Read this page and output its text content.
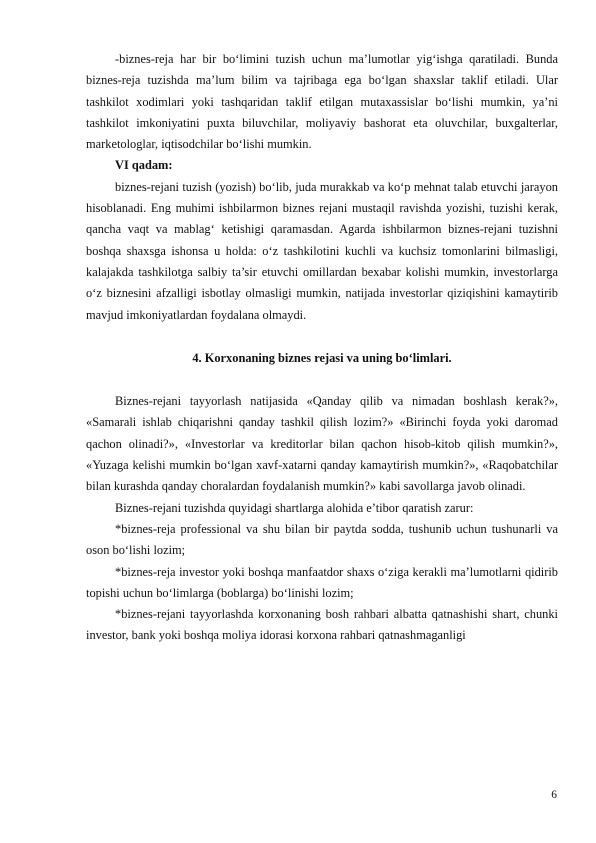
-biznes-reja har bir bo‘limini tuzish uchun ma’lumotlar yig‘ishga qaratiladi. Bunda biznes-reja tuzishda ma’lum bilim va tajribaga ega bo‘lgan shaxslar taklif etiladi. Ular tashkilot xodimlari yoki tashqaridan taklif etilgan mutaxassislar bo‘lishi mumkin, ya’ni tashkilot imkoniyatini puxta biluvchilar, moliyaviy bashorat eta oluvchilar, buxgalterlar, marketologlar, iqtisodchilar bo‘lishi mumkin.

VI qadam:

biznes-rejani tuzish (yozish) bo‘lib, juda murakkab va ko‘p mehnat talab etuvchi jarayon hisoblanadi. Eng muhimi ishbilarmon biznes rejani mustaqil ravishda yozishi, tuzishi kerak, qancha vaqt va mablag‘ ketishigi qaramasdan. Agarda ishbilarmon biznes-rejani tuzishni boshqa shaxsga ishonsa u holda: o‘z tashkilotini kuchli va kuchsiz tomonlarini bilmasligi, kalajakda tashkilotga salbiy ta’sir etuvchi omillardan bexabar kolishi mumkin, investorlarga o‘z biznesini afzalligi isbotlay olmasligi mumkin, natijada investorlar qiziqishini kamaytirib mavjud imkoniyatlardan foydalana olmaydi.

4. Korxonaning biznes rejasi va uning bo‘limlari.

Biznes-rejani tayyorlash natijasida «Qanday qilib va nimadan boshlash kerak?», «Samarali ishlab chiqarishni qanday tashkil qilish lozim?» «Birinchi foyda yoki daromad qachon olinadi?», «Investorlar va kreditorlar bilan qachon hisob-kitob qilish mumkin?», «Yuzaga kelishi mumkin bo‘lgan xavf-xatarni qanday kamaytirish mumkin?», «Raqobatchilar bilan kurashda qanday choralardan foydalanish mumkin?» kabi savollarga javob olinadi.

Biznes-rejani tuzishda quyidagi shartlarga alohida e’tibor qaratish zarur:

*biznes-reja professional va shu bilan bir paytda sodda, tushunib uchun tushunarli va oson bo‘lishi lozim;

*biznes-reja investor yoki boshqa manfaatdor shaxs o‘ziga kerakli ma’lumotlarni qidirib topishi uchun bo‘limlarga (boblarga) bo‘linishi lozim;

*biznes-rejani tayyorlashda korxonaning bosh rahbari albatta qatnashishi shart, chunki investor, bank yoki boshqa moliya idorasi korxona rahbari qatnashmaganligi

6
